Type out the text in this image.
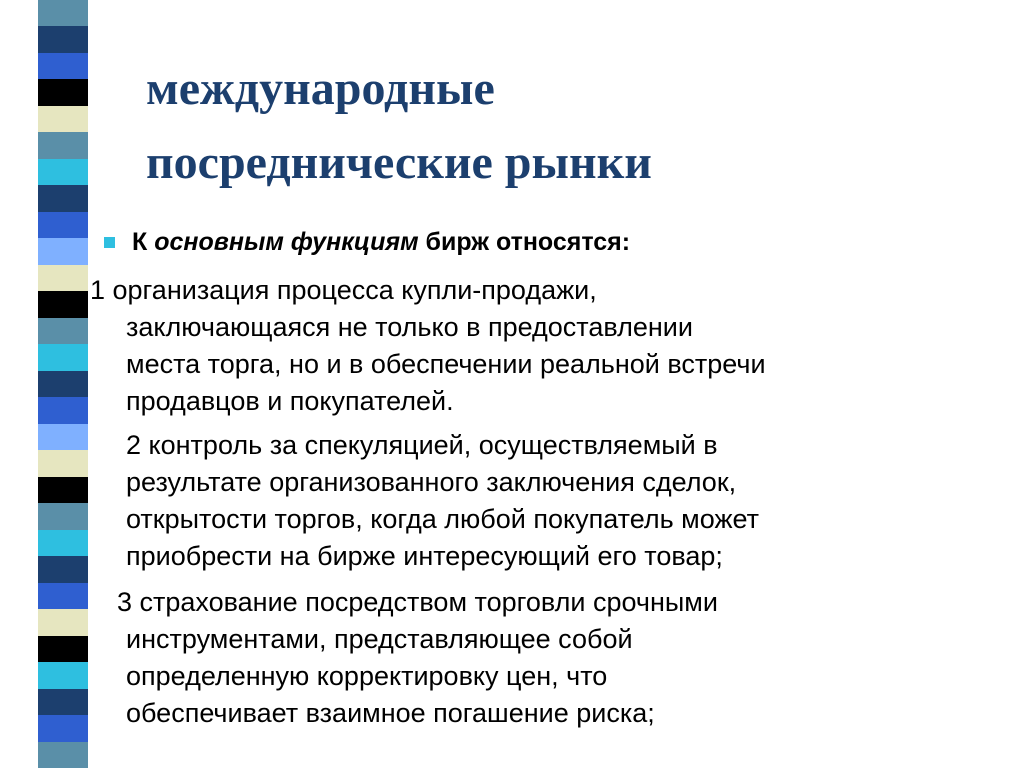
международные
посреднические рынки

К основным функциям бирж относятся:

1 организация процесса купли-продажи,
заключающаяся не только в предоставлении
места торга, но и в обеспечении реальной встречи
продавцов и покупателей.
2 контроль за спекуляцией, осуществляемый в
результате организованного заключения сделок,
открытости торгов, когда любой покупатель может
приобрести на бирже интересующий его товар;
3 страхование посредством торговли срочными
инструментами, представляющее собой
определенную корректировку цен, что
обеспечивает взаимное погашение риска;
